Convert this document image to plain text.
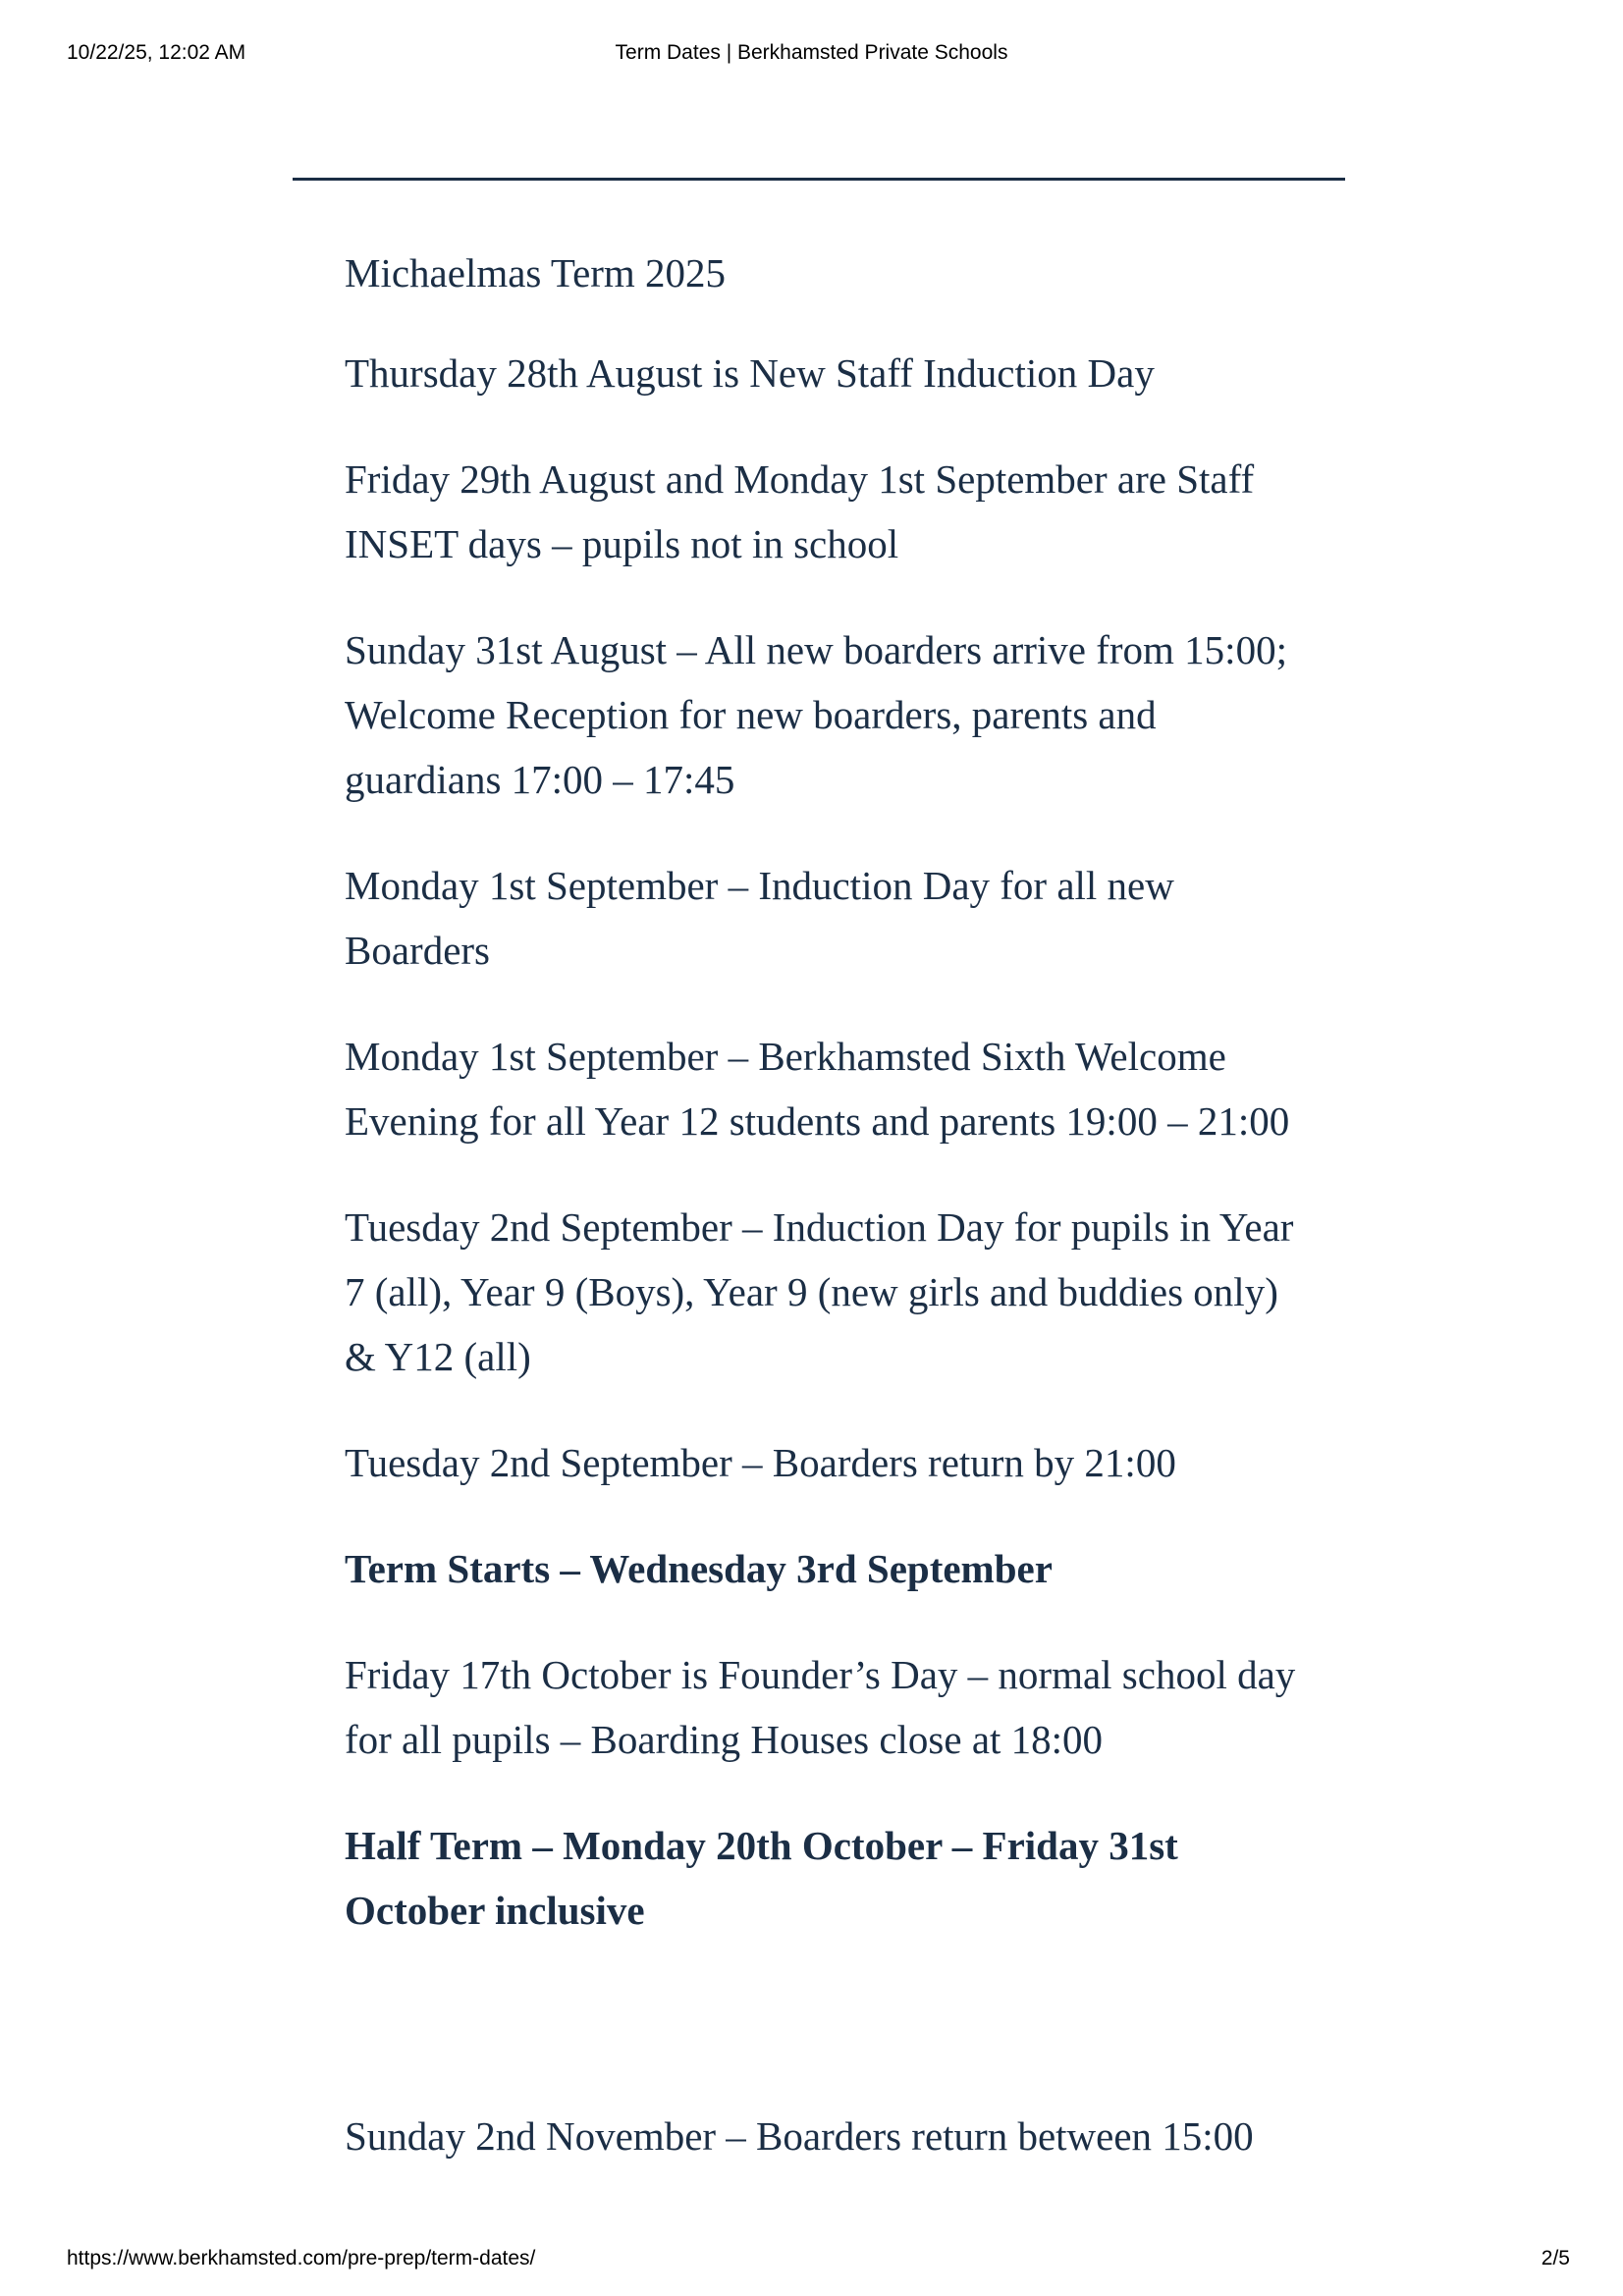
10/22/25, 12:02 AM	Term Dates | Berkhamsted Private Schools

Michaelmas Term 2025

Thursday 28th August is New Staff Induction Day

Friday 29th August and Monday 1st September are Staff INSET days – pupils not in school

Sunday 31st August – All new boarders arrive from 15:00; Welcome Reception for new boarders, parents and guardians 17:00 – 17:45

Monday 1st September – Induction Day for all new Boarders

Monday 1st September – Berkhamsted Sixth Welcome Evening for all Year 12 students and parents 19:00 – 21:00

Tuesday 2nd September – Induction Day for pupils in Year 7 (all), Year 9 (Boys), Year 9 (new girls and buddies only) & Y12 (all)

Tuesday 2nd September – Boarders return by 21:00

Term Starts – Wednesday 3rd September

Friday 17th October is Founder’s Day – normal school day for all pupils – Boarding Houses close at 18:00

Half Term – Monday 20th October – Friday 31st October inclusive

Sunday 2nd November – Boarders return between 15:00

https://www.berkhamsted.com/pre-prep/term-dates/	2/5
